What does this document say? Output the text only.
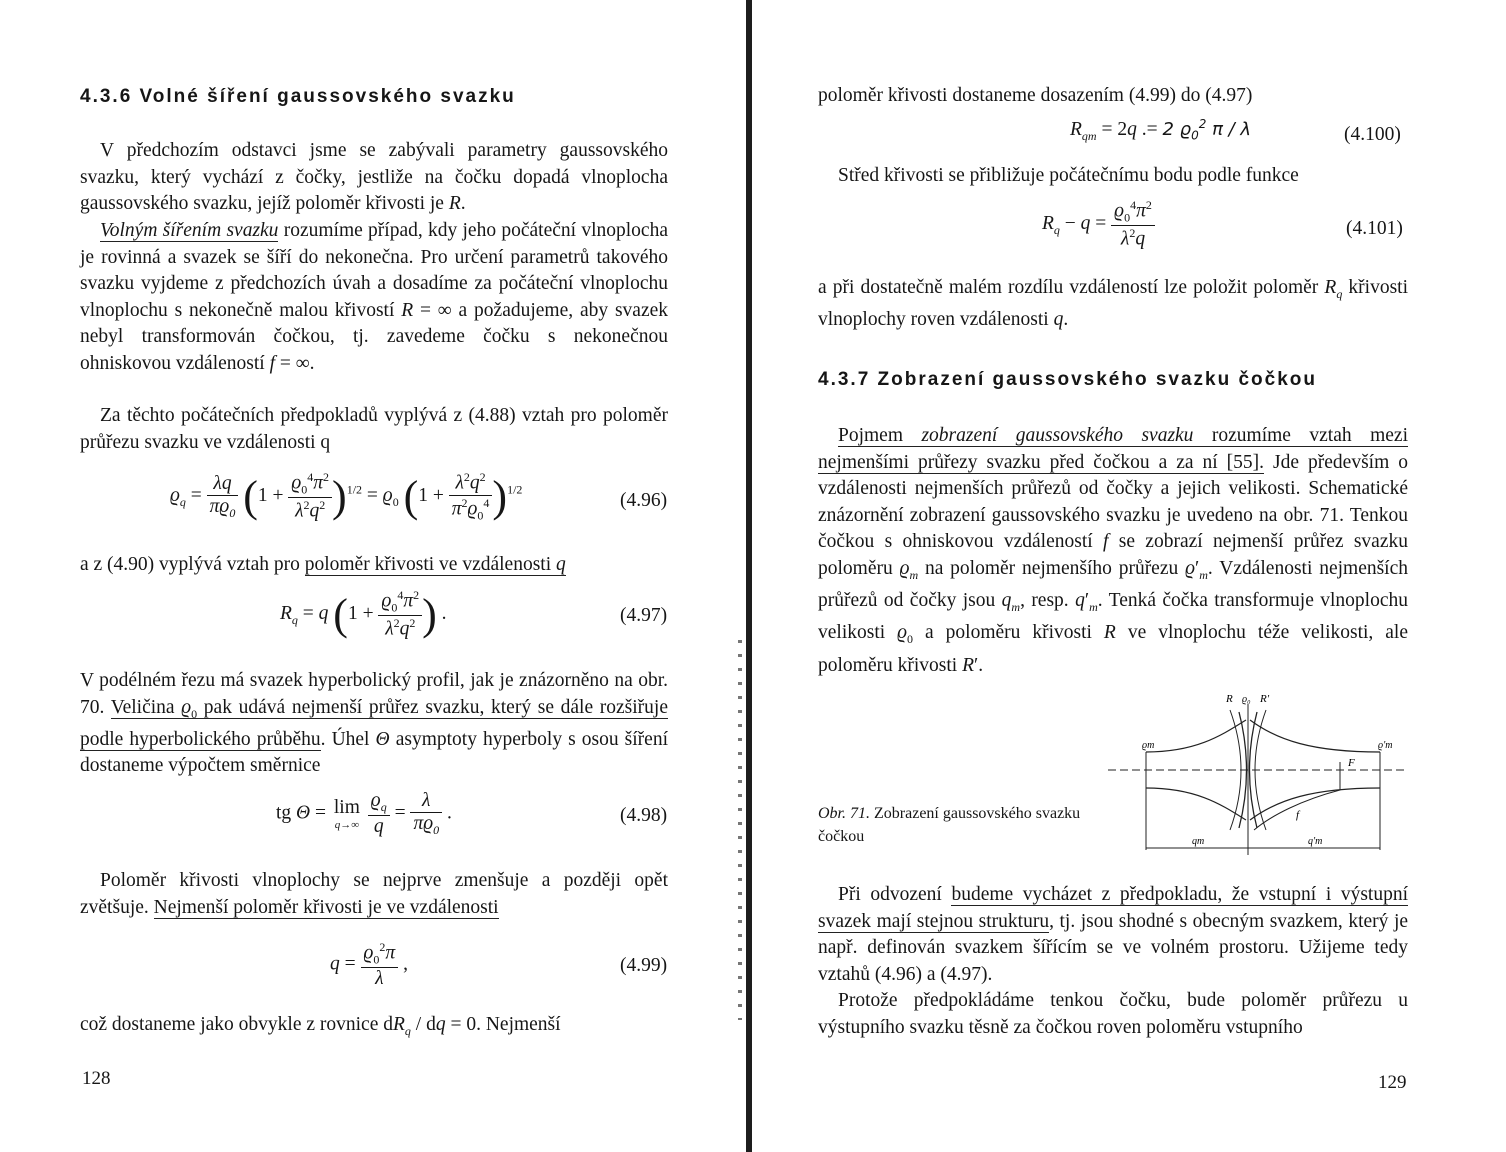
4.3.6 Volné šíření gaussovského svazku

V předchozím odstavci jsme se zabývali parametry gaussovského svazku, který vychází z čočky, jestliže na čočku dopadá vlnoplocha gaussovského svazku, jejíž poloměr křivosti je R.

Volným šířením svazku rozumíme případ, kdy jeho počáteční vlnoplocha je rovinná a svazek se šíří do nekonečna. Pro určení parametrů takového svazku vyjdeme z předchozích úvah a dosadíme za počáteční vlnoplochu vlnoplochu s nekonečně malou křivostí R = ∞ a požadujeme, aby svazek nebyl transformován čočkou, tj. zavedeme čočku s nekonečnou ohniskovou vzdáleností f = ∞.

Za těchto počátečních předpokladů vyplývá z (4.88) vztah pro poloměr průřezu svazku ve vzdálenosti q

$ϱ_q = \frac{\lambda q}{\pi ϱ_0} (1 + \frac{ϱ_0^4\pi^2}{\lambda^2q^2} )^{1/2} = ϱ_0$ $(1 + \frac{\lambda^2q^2}{\pi^2ϱ_0^4} )^{1/2}$
(4.96)

a z (4.90) vyplývá vztah pro poloměr křivosti ve vzdálenosti q

$R_q = q$ ($1 + \frac{ϱ_0^4\pi^2}{\lambda^2q^2}$ ) .	(4.97)

V podélném řezu má svazek hyperbolický profil, jak je znázorněno na obr. 70. Veličina $ϱ_0$ pak udává nejmenší průřez svazku, který se dále rozšiřuje podle hyperbolického průběhu. Úhel Θ asymptoty hyperboly s osou šíření dostaneme výpočtem směrnice

tg Θ = lim
q→∞
$\frac{ϱ_q}{q} = \frac{\lambda}{\pi ϱ_0}$ .	(4.98)

Poloměr křivosti vlnoplochy se nejprve zmenšuje a později opět zvětšuje. Nejmenší poloměr křivosti je ve vzdálenosti

$q = \frac{ϱ_0^2\pi}{\lambda}$ ,	(4.99)

což dostaneme jako obvykle z rovnice $dR_q$ / dq = 0. Nejmenší

128

poloměr křivosti dostaneme dosazením (4.99) do (4.97)

$R_{qm} = 2q$ .= 2 $ϱ_0^2$ π / λ	(4.100)

Střed křivosti se přibližuje počátečnímu bodu podle funkce

$R_q - q = \frac{ϱ_0^4\pi^2}{\lambda^2q}$	(4.101)

a při dostatečně malém rozdílu vzdáleností lze položit poloměr $R_q$ křivosti vlnoplochy roven vzdálenosti q.

4.3.7 Zobrazení gaussovského svazku čočkou

Pojmem zobrazení gaussovského svazku rozumíme vztah mezi nejmenšími průřezy svazku před čočkou a za ní [55]. Jde především o vzdálenosti nejmenších průřezů od čočky a jejich velikosti. Schematické znázornění zobrazení gaussovského svazku je uvedeno na obr. 71. Tenkou čočkou s ohniskovou vzdáleností f se zobrazí nejmenší průřez svazku poloměru $ϱ_m$ na poloměr nejmenšího průřezu $ϱ'_m$. Vzdálenosti nejmenších průřezů od čočky jsou $q_m$, resp. $q'_m$. Tenká čočka transformuje vlnoplochu velikosti $ϱ_0$ a poloměru křivosti R ve vlnoplochu téže velikosti, ale poloměru křivosti R′.

Obr. 71. Zobrazení gaussovského svazku čočkou
R ϱ₀ R'
ϱm	ϱ'm
F
f
qm	q'm

Při odvození budeme vycházet z předpokladu, že vstupní i výstupní svazek mají stejnou strukturu, tj. jsou shodné s obecným svazkem, který je např. definován svazkem šířícím se ve volném prostoru. Užijeme tedy vztahů (4.96) a (4.97).

Protože předpokládáme tenkou čočku, bude poloměr průřezu u výstupního svazku těsně za čočkou roven poloměru vstupního

129
